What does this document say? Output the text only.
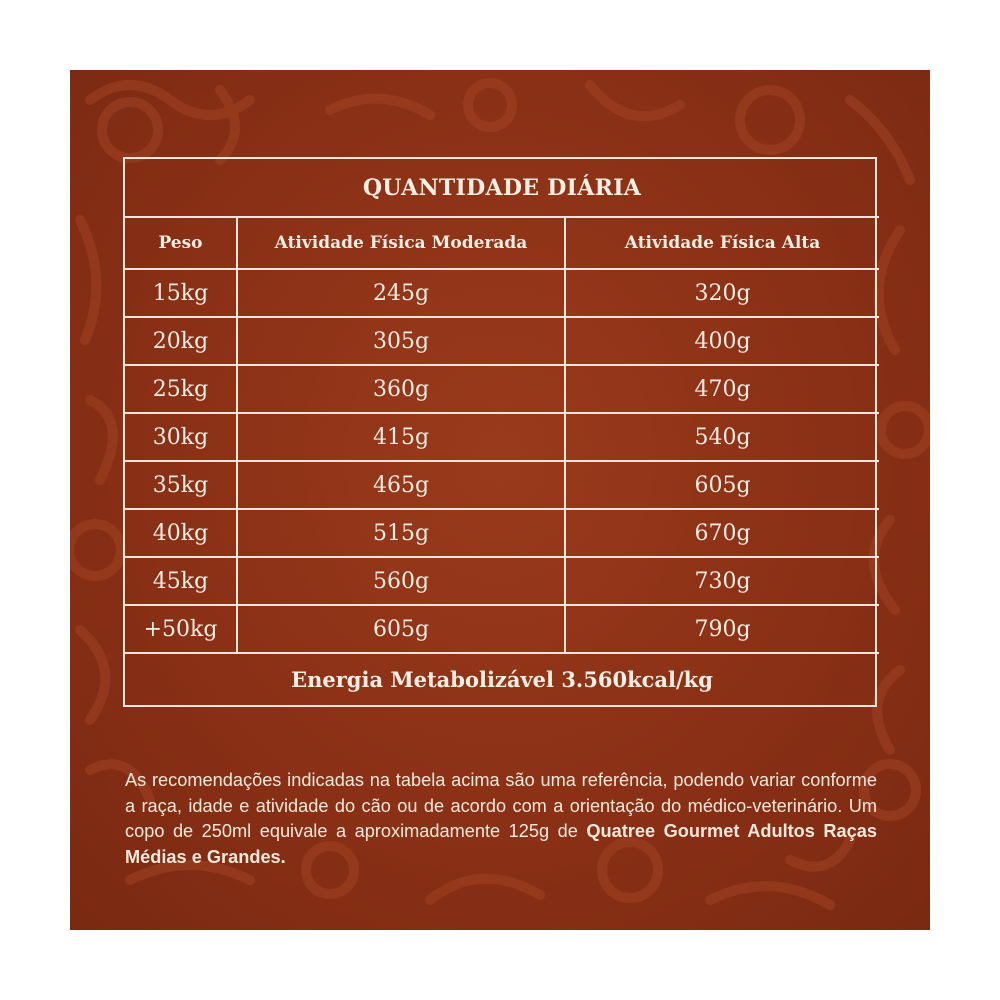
QUANTIDADE DIÁRIA		
Peso	Atividade Física Moderada	Atividade Física Alta
15kg	245g	320g
20kg	305g	400g
25kg	360g	470g
30kg	415g	540g
35kg	465g	605g
40kg	515g	670g
45kg	560g	730g
+50kg	605g	790g
Energia Metabolizável 3.560kcal/kg		

As recomendações indicadas na tabela acima são uma referência, podendo variar conforme a raça, idade e atividade do cão ou de acordo com a orientação do médico-veterinário. Um copo de 250ml equivale a aproximadamente 125g de Quatree Gourmet Adultos Raças Médias e Grandes.
